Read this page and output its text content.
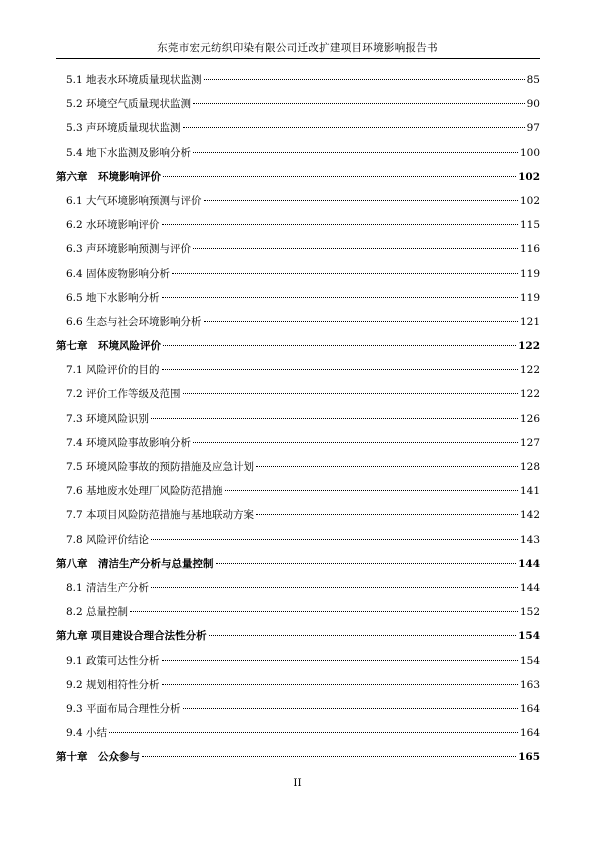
东莞市宏元纺织印染有限公司迁改扩建项目环境影响报告书
5.1 地表水环境质量现状监测	85
5.2 环境空气质量现状监测	90
5.3 声环境质量现状监测	97
5.4 地下水监测及影响分析	100
第六章　环境影响评价	102
6.1 大气环境影响预测与评价	102
6.2 水环境影响评价	115
6.3 声环境影响预测与评价	116
6.4 固体废物影响分析	119
6.5 地下水影响分析	119
6.6 生态与社会环境影响分析	121
第七章　环境风险评价	122
7.1 风险评价的目的	122
7.2 评价工作等级及范围	122
7.3 环境风险识别	126
7.4 环境风险事故影响分析	127
7.5 环境风险事故的预防措施及应急计划	128
7.6 基地废水处理厂风险防范措施	141
7.7 本项目风险防范措施与基地联动方案	142
7.8 风险评价结论	143
第八章　清洁生产分析与总量控制	144
8.1 清洁生产分析	144
8.2 总量控制	152
第九章 项目建设合理合法性分析	154
9.1 政策可达性分析	154
9.2 规划相符性分析	163
9.3 平面布局合理性分析	164
9.4 小结	164
第十章　公众参与	165
II
